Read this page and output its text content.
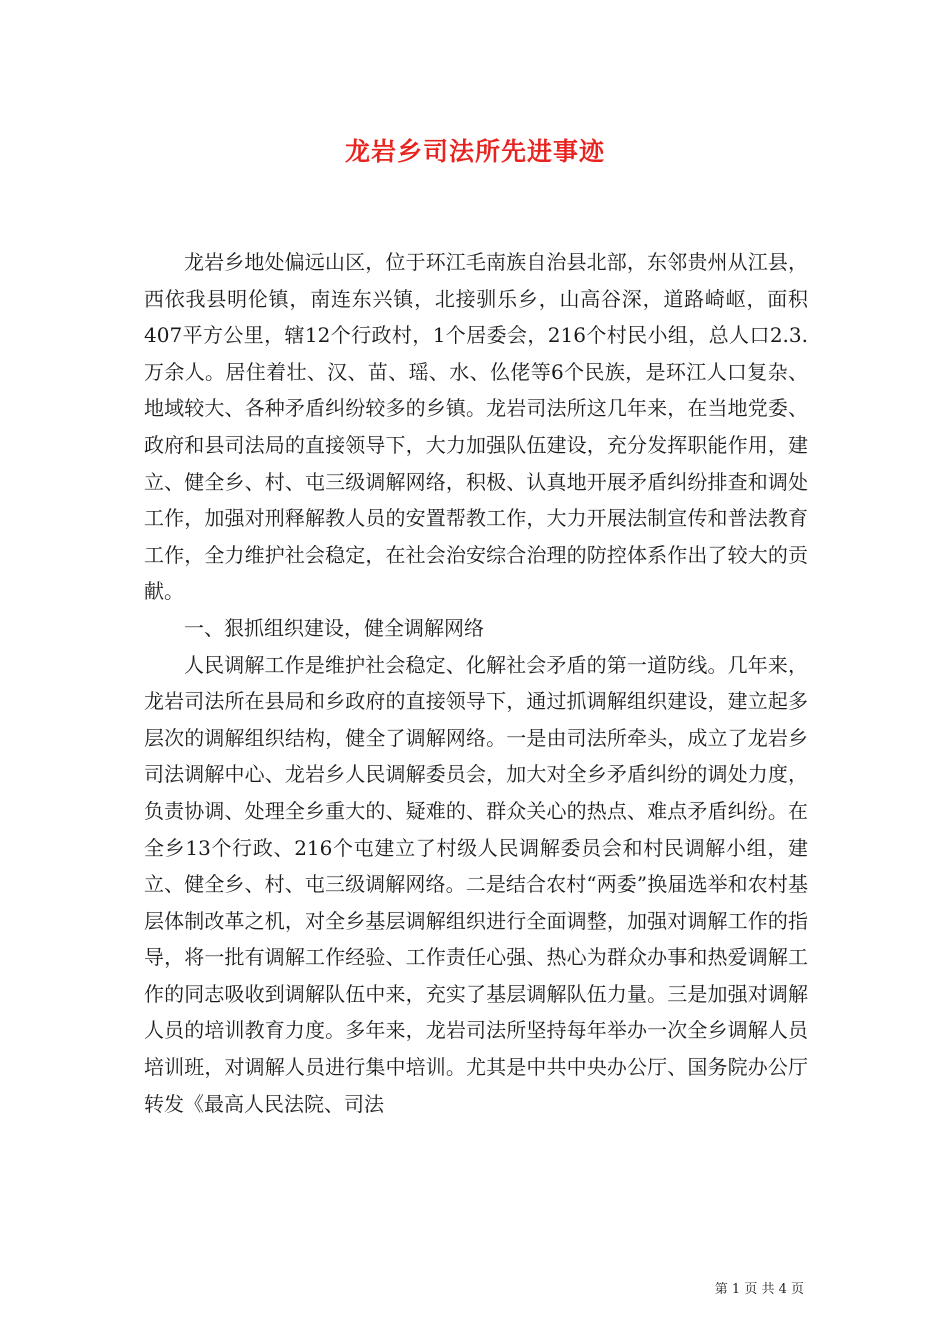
龙岩乡司法所先进事迹

龙岩乡地处偏远山区，位于环江毛南族自治县北部，东邻贵州从江县，西依我县明伦镇，南连东兴镇，北接驯乐乡，山高谷深，道路崎岖，面积407平方公里，辖12个行政村，1个居委会，216个村民小组，总人口2.3.万余人。居住着壮、汉、苗、瑶、水、仫佬等6个民族，是环江人口复杂、地域较大、各种矛盾纠纷较多的乡镇。龙岩司法所这几年来，在当地党委、政府和县司法局的直接领导下，大力加强队伍建设，充分发挥职能作用，建立、健全乡、村、屯三级调解网络，积极、认真地开展矛盾纠纷排查和调处工作，加强对刑释解教人员的安置帮教工作，大力开展法制宣传和普法教育工作，全力维护社会稳定，在社会治安综合治理的防控体系作出了较大的贡献。

一、狠抓组织建设，健全调解网络

人民调解工作是维护社会稳定、化解社会矛盾的第一道防线。几年来，龙岩司法所在县局和乡政府的直接领导下，通过抓调解组织建设，建立起多层次的调解组织结构，健全了调解网络。一是由司法所牵头，成立了龙岩乡司法调解中心、龙岩乡人民调解委员会，加大对全乡矛盾纠纷的调处力度，负责协调、处理全乡重大的、疑难的、群众关心的热点、难点矛盾纠纷。在全乡13个行政、216个屯建立了村级人民调解委员会和村民调解小组，建立、健全乡、村、屯三级调解网络。二是结合农村“两委”换届选举和农村基层体制改革之机，对全乡基层调解组织进行全面调整，加强对调解工作的指导，将一批有调解工作经验、工作责任心强、热心为群众办事和热爱调解工作的同志吸收到调解队伍中来，充实了基层调解队伍力量。三是加强对调解人员的培训教育力度。多年来，龙岩司法所坚持每年举办一次全乡调解人员培训班，对调解人员进行集中培训。尤其是中共中央办公厅、国务院办公厅转发《最高人民法院、司法

第 1 页 共 4 页
